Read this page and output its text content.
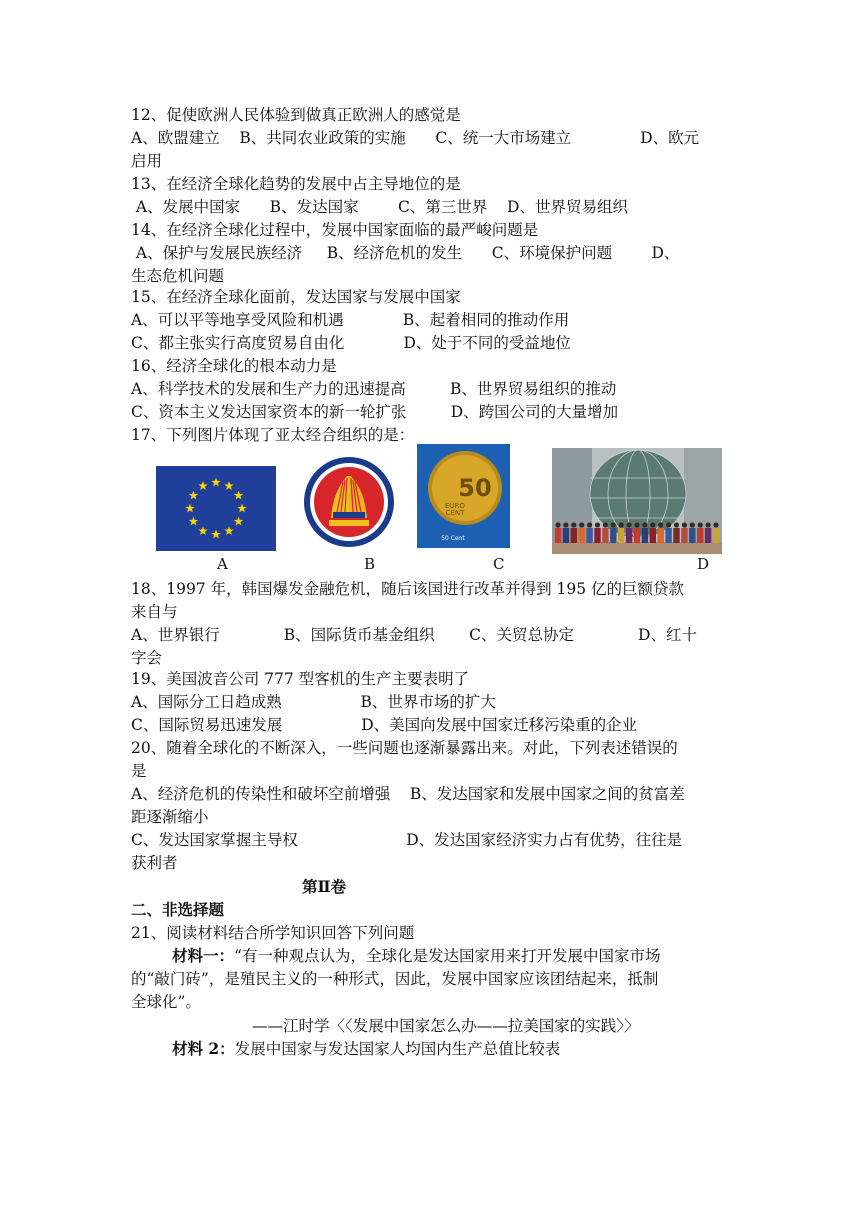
12、促使欧洲人民体验到做真正欧洲人的感觉是
A、欧盟建立    B、共同农业政策的实施      C、统一大市场建立              D、欧元
启用
13、在经济全球化趋势的发展中占主导地位的是
A、发展中国家      B、发达国家        C、第三世界    D、世界贸易组织
14、在经济全球化过程中，发展中国家面临的最严峻问题是
A、保护与发展民族经济     B、经济危机的发生      C、环境保护问题        D、
生态危机问题
15、在经济全球化面前，发达国家与发展中国家
A、可以平等地享受风险和机遇            B、起着相同的推动作用
C、都主张实行高度贸易自由化            D、处于不同的受益地位
16、经济全球化的根本动力是
A、科学技术的发展和生产力的迅速提高         B、世界贸易组织的推动
C、资本主义发达国家资本的新一轮扩张         D、跨国公司的大量增加
17、下列图片体现了亚太经合组织的是：
50
EURO
CENT
50 Cent
A	B	C	D
18、1997 年，韩国爆发金融危机，随后该国进行改革并得到 195 亿的巨额贷款
来自与
A、世界银行             B、国际货币基金组织       C、关贸总协定             D、红十
字会
19、美国波音公司 777 型客机的生产主要表明了
A、国际分工日趋成熟                B、世界市场的扩大
C、国际贸易迅速发展                D、美国向发展中国家迁移污染重的企业
20、随着全球化的不断深入，一些问题也逐渐暴露出来。对此，下列表述错误的
是
A、经济危机的传染性和破坏空前增强    B、发达国家和发展中国家之间的贫富差
距逐渐缩小
C、发达国家掌握主导权                      D、发达国家经济实力占有优势，往往是
获利者
第Ⅱ卷
二、非选择题
21、阅读材料结合所学知识回答下列问题
材料一：“有一种观点认为，全球化是发达国家用来打开发展中国家市场
的“敲门砖”，是殖民主义的一种形式，因此，发展中国家应该团结起来，抵制
全球化”。
——江时学〈〈发展中国家怎么办——拉美国家的实践〉〉
材料 2：发展中国家与发达国家人均国内生产总值比较表
